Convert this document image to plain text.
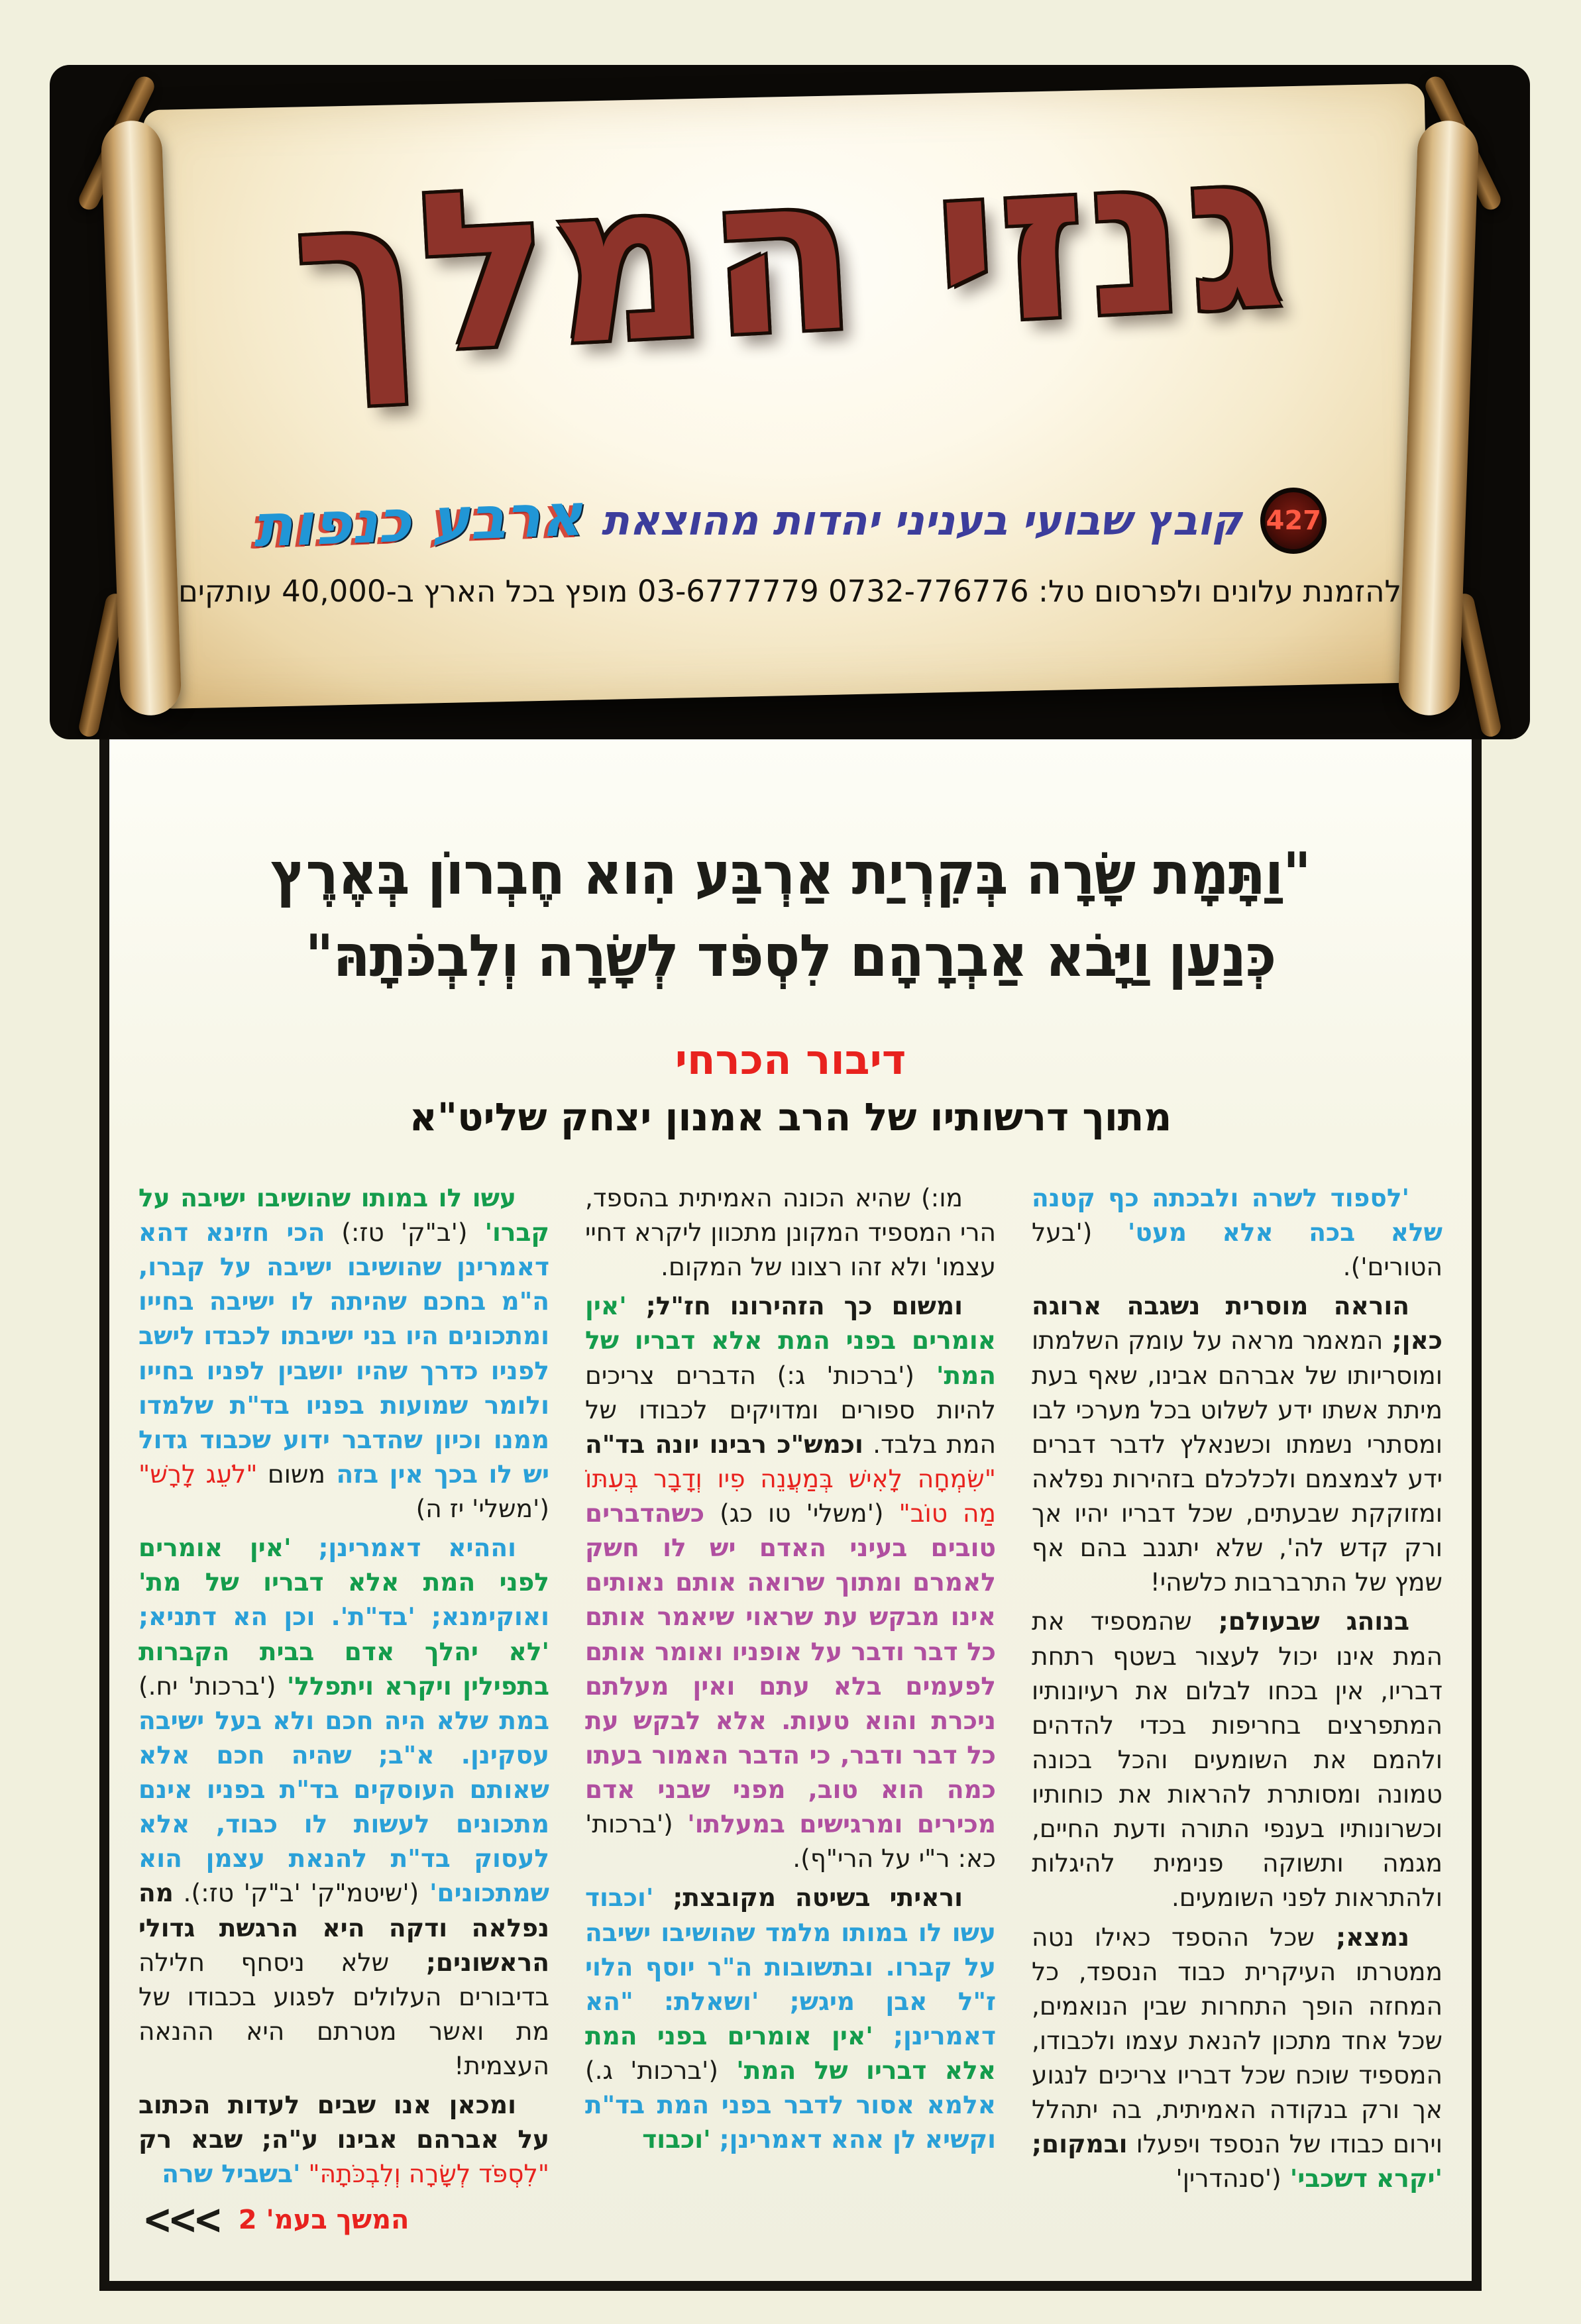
גנזי המלך
427
קובץ שבועי בעניני יהדות מהוצאת
ארבע כנפות
להזמנת עלונים ולפרסום טל: 0732-776776 03-6777779 מופץ בכל הארץ ב-40,000 עותקים
"וַתָּמָת שָׂרָה בְּקִרְיַת אַרְבַּע הִוא חֶבְרוֹן בְּאֶרֶץ
כְּנַעַן וַיָּבֹא אַבְרָהָם לִסְפֹּד לְשָׂרָה וְלִבְכֹּתָהּ"
דיבור הכרחי
מתוך דרשותיו של הרב אמנון יצחק שליט"א

'לספוד לשרה ולבכתה כף קטנה שלא בכה אלא מעט' ('בעל הטורים').

הוראה מוסרית נשגבה ארוגה כאן; המאמר מראה על עומק השלמתו ומוסריותו של אברהם אבינו, שאף בעת מיתת אשתו ידע לשלוט בכל מערכי לבו ומסתרי נשמתו וכשנאלץ לדבר דברים ידע לצמצמם ולכלכלם בזהירות נפלאה ומזוקקת שבעתים, שכל דבריו יהיו אך ורק קדש לה', שלא יתגנב בהם אף שמץ של התרברבות כלשהי!

בנוהג שבעולם; שהמספיד את המת אינו יכול לעצור בשטף רתחת דבריו, אין בכחו לבלום את רעיונותיו המתפרצים בחריפות בכדי להדהים ולהמם את השומעים והכל בכונה טמונה ומסותרת להראות את כוחותיו וכשרונותיו בענפי התורה ודעת החיים, מגמה ותשוקה פנימית להיגלות ולהתראות לפני השומעים.

נמצא; שכל ההספד כאילו נטה ממטרתו העיקרית כבוד הנספד, כל המחזה הופך התחרות שבין הנואמים, שכל אחד מתכון להנאת עצמו ולכבודו, המספיד שוכח שכל דבריו צריכים לנגוע אך ורק בנקודה האמיתית, בה יתהלל וירום כבודו של הנספד ויפעלו ובמקום; 'יקרא דשכבי' ('סנהדרין'

מו:) שהיא הכונה האמיתית בהספד, הרי המספיד המקונן מתכוון ליקרא דחיי עצמו' ולא זהו רצונו של המקום.

ומשום כך הזהירונו חז"ל; 'אין אומרים בפני המת אלא דבריו של המת' ('ברכות' ג:) הדברים צריכים להיות ספורים ומדויקים לכבודו של המת בלבד. וכמש"כ רבינו יונה בד"ה "שִׂמְחָה לָאִישׁ בְּמַעֲנֵה פִיו וְדָבָר בְּעִתּוֹ מַה טוֹב" ('משלי' טו כג) כשהדברים טובים בעיני האדם יש לו חשק לאמרם ומתוך שרואה אותם נאותים אינו מבקש עת שראוי שיאמר אותם כל דבר ודבר על אופניו ואומר אותם לפעמים בלא עתם ואין מעלתם ניכרת והוא טעות. אלא לבקש עת כל דבר ודבר, כי הדבר האמור בעתו כמה הוא טוב, מפני שבני אדם מכירים ומרגישים במעלתו' ('ברכות' כא: ר"י על הרי"ף).

וראיתי בשיטה מקובצת; 'וכבוד עשו לו במותו מלמד שהושיבו ישיבה על קברו. ובתשובות ה"ר יוסף הלוי ז"ל אבן מיגש; 'ושאלת: "הא דאמרינן; 'אין אומרים בפני המת אלא דבריו של המת' ('ברכות' ג.) אלמא אסור לדבר בפני המת בד"ת וקשיא לן אהא דאמרינן; 'וכבוד

עשו לו במותו שהושיבו ישיבה על קברו' ('ב"ק' טז:) הכי חזינא דהא דאמרינן שהושיבו ישיבה על קברו, ה"מ בחכם שהיתה לו ישיבה בחייו ומתכונים היו בני ישיבתו לכבדו לישב לפניו כדרך שהיו יושבין לפניו בחייו ולומר שמועות בפניו בד"ת שלמדו ממנו וכיון שהדבר ידוע שכבוד גדול יש לו בכך אין בזה משום "לֹעֵג לָרָשׁ" ('משלי' יז ה)

וההיא דאמרינן; 'אין אומרים לפני המת אלא דבריו של מת' ואוקימנא; 'בד"ת'. וכן הא דתניא; 'לא יהלך אדם בבית הקברות בתפילין ויקרא ויתפלל' ('ברכות' יח.) במת שלא היה חכם ולא בעל ישיבה עסקינן. א"ב; שהיה חכם אלא שאותם העוסקים בד"ת בפניו אינם מתכונים לעשות לו כבוד, אלא לעסוק בד"ת להנאת עצמן הוא שמתכונים' ('שיטמ"ק' 'ב"ק' טז:). מה נפלאה ודקה היא הרגשת גדולי הראשונים; שלא ניסחף חלילה בדיבורים העלולים לפגוע בכבודו של מת ואשר מטרתם היא ההנאה העצמית!

ומכאן אנו שבים לעדות הכתוב על אברהם אבינו ע"ה; שבא רק "לִסְפֹּד לְשָׂרָה וְלִבְכֹּתָהּ" 'בשביל שרה

<<< המשך בעמ' 2
